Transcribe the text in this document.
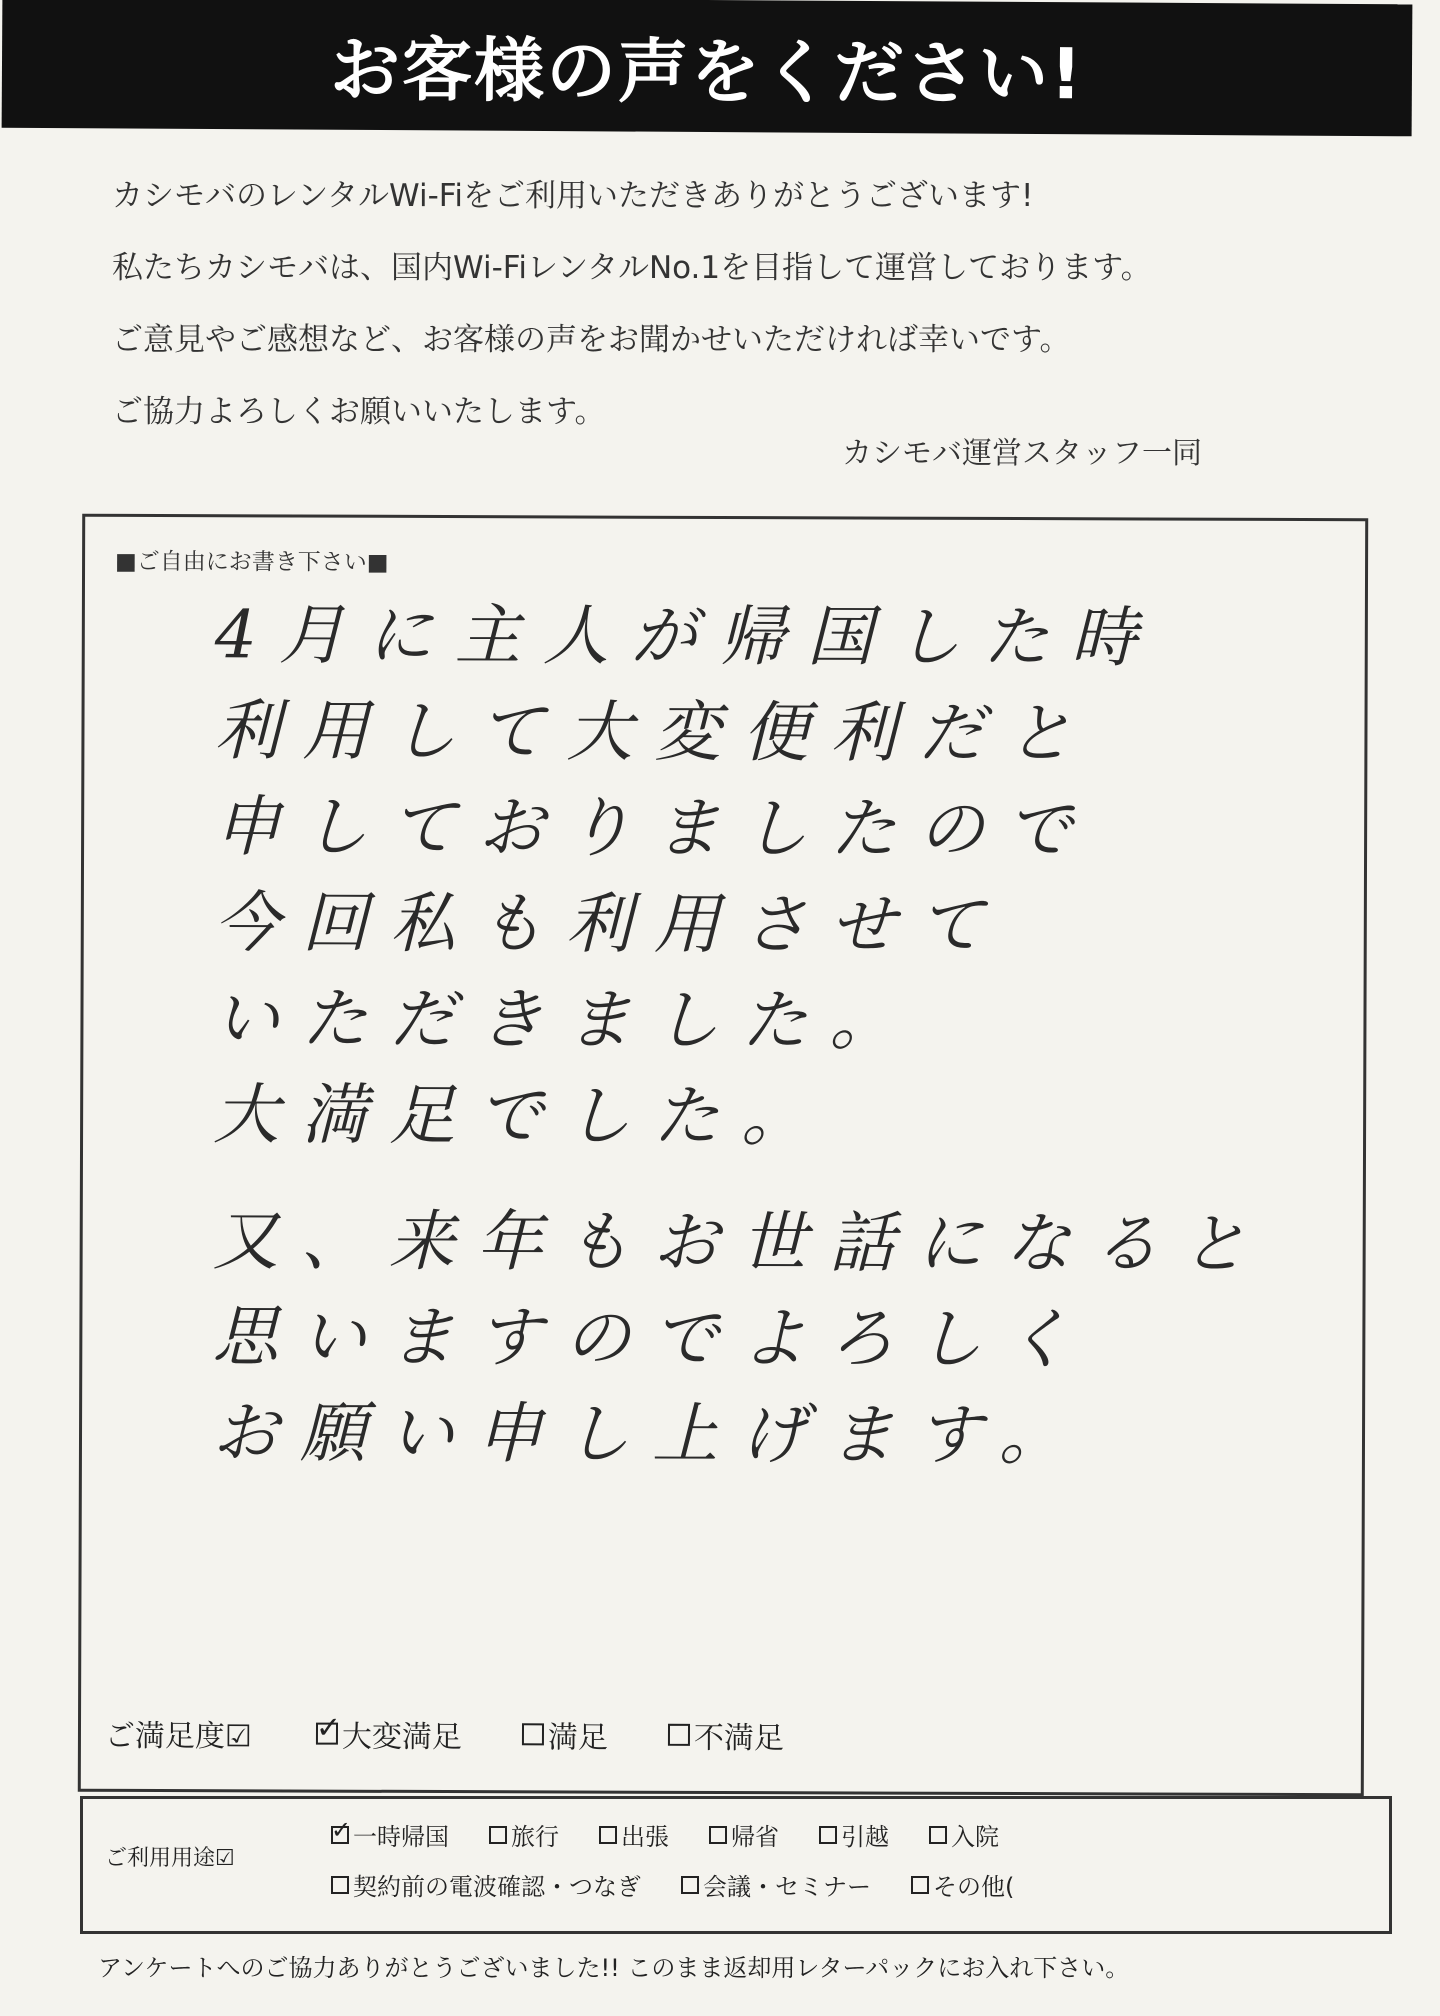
お客様の声をください!
カシモバのレンタルWi-Fiをご利用いただきありがとうございます!
私たちカシモバは、国内Wi-FiレンタルNo.1を目指して運営しております。
ご意見やご感想など、お客様の声をお聞かせいただければ幸いです。
ご協力よろしくお願いいたします。
カシモバ運営スタッフ一同
■ご自由にお書き下さい■
4月に主人が帰国した時
利用して大変便利だと
申しておりましたので
今回私も利用させて
いただきました。
大満足でした。
又、来年もお世話になると
思いますのでよろしく
お願い申し上げます。
ご満足度☑
✓	大変満足	満足	不満足
ご利用用途☑
✓
一時帰国	旅行	出張	帰省	引越	入院
契約前の電波確認・つなぎ	会議・セミナー	その他(
アンケートへのご協力ありがとうございました!! このまま返却用レターパックにお入れ下さい。
